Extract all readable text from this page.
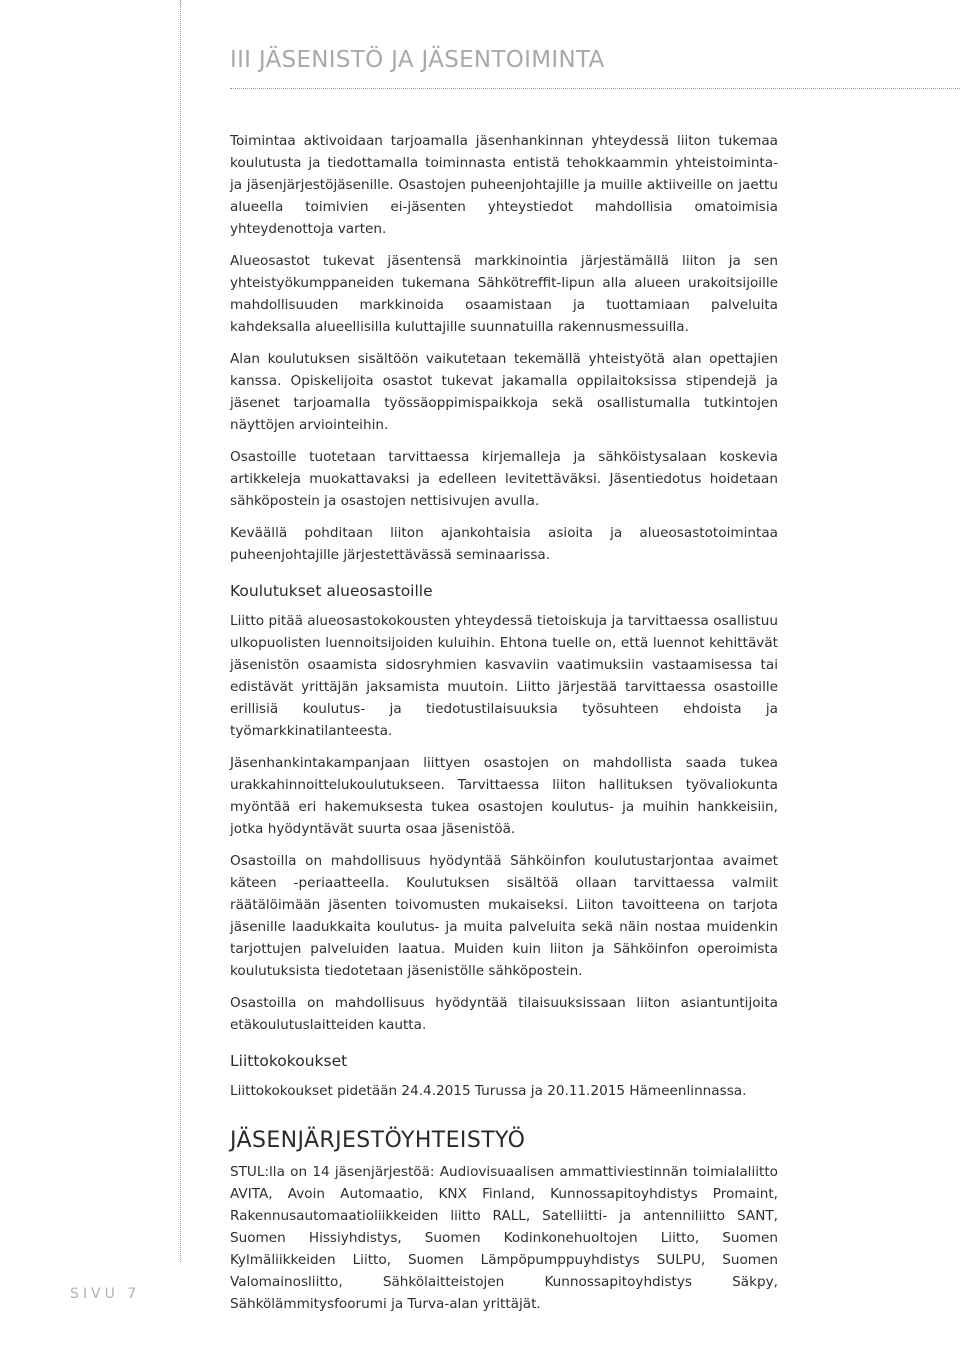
III JÄSENISTÖ JA JÄSENTOIMINTA

Toimintaa aktivoidaan tarjoamalla jäsenhankinnan yhteydessä liiton tukemaa koulutusta ja tiedottamalla toiminnasta entistä tehokkaammin yhteistoiminta- ja jäsenjärjestöjäsenille. Osastojen puheenjohtajille ja muille aktiiveille on jaettu alueella toimivien ei-jäsenten yhteystiedot mahdollisia omatoimisia yhteydenottoja varten.

Alueosastot tukevat jäsentensä markkinointia järjestämällä liiton ja sen yhteistyökumppaneiden tukemana Sähkötreffit-lipun alla alueen urakoitsijoille mahdollisuuden markkinoida osaamistaan ja tuottamiaan palveluita kahdeksalla alueellisilla kuluttajille suunnatuilla rakennusmessuilla.

Alan koulutuksen sisältöön vaikutetaan tekemällä yhteistyötä alan opettajien kanssa. Opiskelijoita osastot tukevat jakamalla oppilaitoksissa stipendejä ja jäsenet tarjoamalla työssäoppimispaikkoja sekä osallistumalla tutkintojen näyttöjen arviointeihin.

Osastoille tuotetaan tarvittaessa kirjemalleja ja sähköistysalaan koskevia artikkeleja muokattavaksi ja edelleen levitettäväksi. Jäsentiedotus hoidetaan sähköpostein ja osastojen nettisivujen avulla.

Keväällä pohditaan liiton ajankohtaisia asioita ja alueosastotoimintaa puheenjohtajille järjestettävässä seminaarissa.

Koulutukset alueosastoille

Liitto pitää alueosastokokousten yhteydessä tietoiskuja ja tarvittaessa osallistuu ulkopuolisten luennoitsijoiden kuluihin. Ehtona tuelle on, että luennot kehittävät jäsenistön osaamista sidosryhmien kasvaviin vaatimuksiin vastaamisessa tai edistävät yrittäjän jaksamista muutoin. Liitto järjestää tarvittaessa osastoille erillisiä koulutus- ja tiedotustilaisuuksia työsuhteen ehdoista ja työmarkkinatilanteesta.

Jäsenhankintakampanjaan liittyen osastojen on mahdollista saada tukea urakkahinnoittelukoulutukseen. Tarvittaessa liiton hallituksen työvaliokunta myöntää eri hakemuksesta tukea osastojen koulutus- ja muihin hankkeisiin, jotka hyödyntävät suurta osaa jäsenistöä.

Osastoilla on mahdollisuus hyödyntää Sähköinfon koulutustarjontaa avaimet käteen -periaatteella. Koulutuksen sisältöä ollaan tarvittaessa valmiit räätälöimään jäsenten toivomusten mukaiseksi. Liiton tavoitteena on tarjota jäsenille laadukkaita koulutus- ja muita palveluita sekä näin nostaa muidenkin tarjottujen palveluiden laatua. Muiden kuin liiton ja Sähköinfon operoimista koulutuksista tiedotetaan jäsenistölle sähköpostein.

Osastoilla on mahdollisuus hyödyntää tilaisuuksissaan liiton asiantuntijoita etäkoulutuslaitteiden kautta.

Liittokokoukset

Liittokokoukset pidetään 24.4.2015 Turussa ja 20.11.2015 Hämeenlinnassa.

JÄSENJÄRJESTÖYHTEISTYÖ

STUL:lla on 14 jäsenjärjestöä: Audiovisuaalisen ammattiviestinnän toimialaliitto AVITA, Avoin Automaatio, KNX Finland, Kunnossapitoyhdistys Promaint, Rakennusautomaatioliikkeiden liitto RALL, Satelliitti- ja antenniliitto SANT, Suomen Hissiyhdistys, Suomen Kodinkonehuoltojen Liitto, Suomen Kylmäliikkeiden Liitto, Suomen Lämpöpumppuyhdistys SULPU, Suomen Valomainosliitto, Sähkölaitteistojen Kunnossapitoyhdistys Säkpy, Sähkölämmitysfoorumi ja Turva-alan yrittäjät.

SIVU 7
